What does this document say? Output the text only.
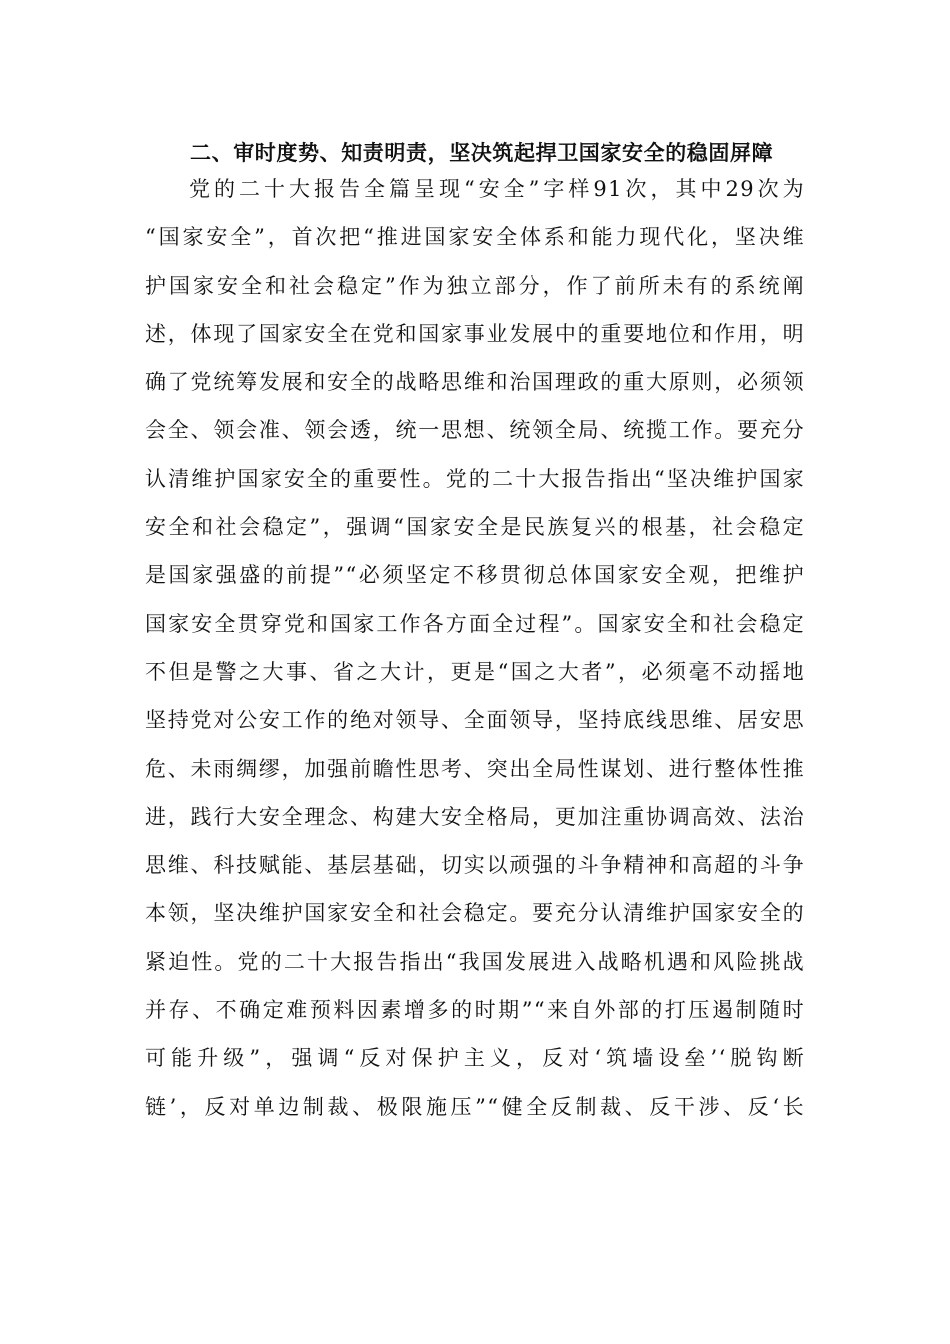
二、审时度势、知责明责，坚决筑起捍卫国家安全的稳固屏障
党的二十大报告全篇呈现“安全”字样91次，其中29次为
“国家安全”，首次把“推进国家安全体系和能力现代化，坚决维
护国家安全和社会稳定”作为独立部分，作了前所未有的系统阐
述，体现了国家安全在党和国家事业发展中的重要地位和作用，明
确了党统筹发展和安全的战略思维和治国理政的重大原则，必须领
会全、领会准、领会透，统一思想、统领全局、统揽工作。要充分
认清维护国家安全的重要性。党的二十大报告指出“坚决维护国家
安全和社会稳定”，强调“国家安全是民族复兴的根基，社会稳定
是国家强盛的前提”“必须坚定不移贯彻总体国家安全观，把维护
国家安全贯穿党和国家工作各方面全过程”。国家安全和社会稳定
不但是警之大事、省之大计，更是“国之大者”，必须毫不动摇地
坚持党对公安工作的绝对领导、全面领导，坚持底线思维、居安思
危、未雨绸缪，加强前瞻性思考、突出全局性谋划、进行整体性推
进，践行大安全理念、构建大安全格局，更加注重协调高效、法治
思维、科技赋能、基层基础，切实以顽强的斗争精神和高超的斗争
本领，坚决维护国家安全和社会稳定。要充分认清维护国家安全的
紧迫性。党的二十大报告指出“我国发展进入战略机遇和风险挑战
并存、不确定难预料因素增多的时期”“来自外部的打压遏制随时
可能升级”，强调“反对保护主义，反对‘筑墙设垒’‘脱钩断
链’，反对单边制裁、极限施压”“健全反制裁、反干涉、反‘长
